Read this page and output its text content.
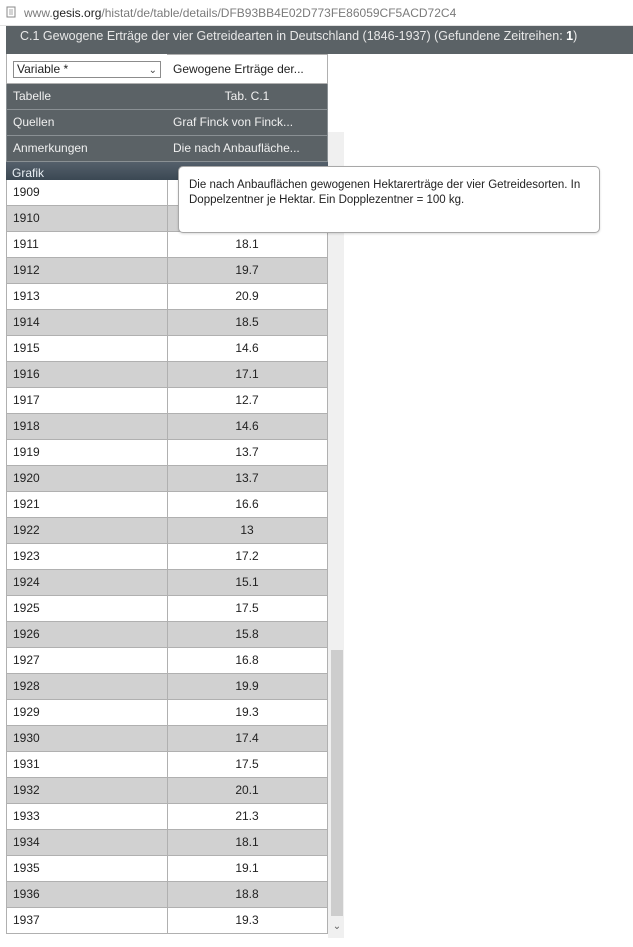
www.gesis.org/histat/de/table/details/DFB93BB4E02D773FE86059CF5ACD72C4
C.1 Gewogene Erträge der vier Getreidearten in Deutschland (1846-1937) (Gefundene Zeitreihen: 1)
Variable *	⌄	Gewogene Erträge der...
Tabelle	Tab. C.1
Quellen	Graf Finck von Finck...
Anmerkungen	Die nach Anbaufläche...
Grafik
1909
1910
1911	18.1
1912	19.7
1913	20.9
1914	18.5
1915	14.6
1916	17.1
1917	12.7
1918	14.6
1919	13.7
1920	13.7
1921	16.6
1922	13
1923	17.2
1924	15.1
1925	17.5
1926	15.8
1927	16.8
1928	19.9
1929	19.3
1930	17.4
1931	17.5
1932	20.1
1933	21.3
1934	18.1
1935	19.1
1936	18.8
1937	19.3	⌄
Die nach Anbauflächen gewogenen Hektarerträge der vier Getreidesorten. In Doppelzentner je Hektar. Ein Dopplezentner = 100 kg.
